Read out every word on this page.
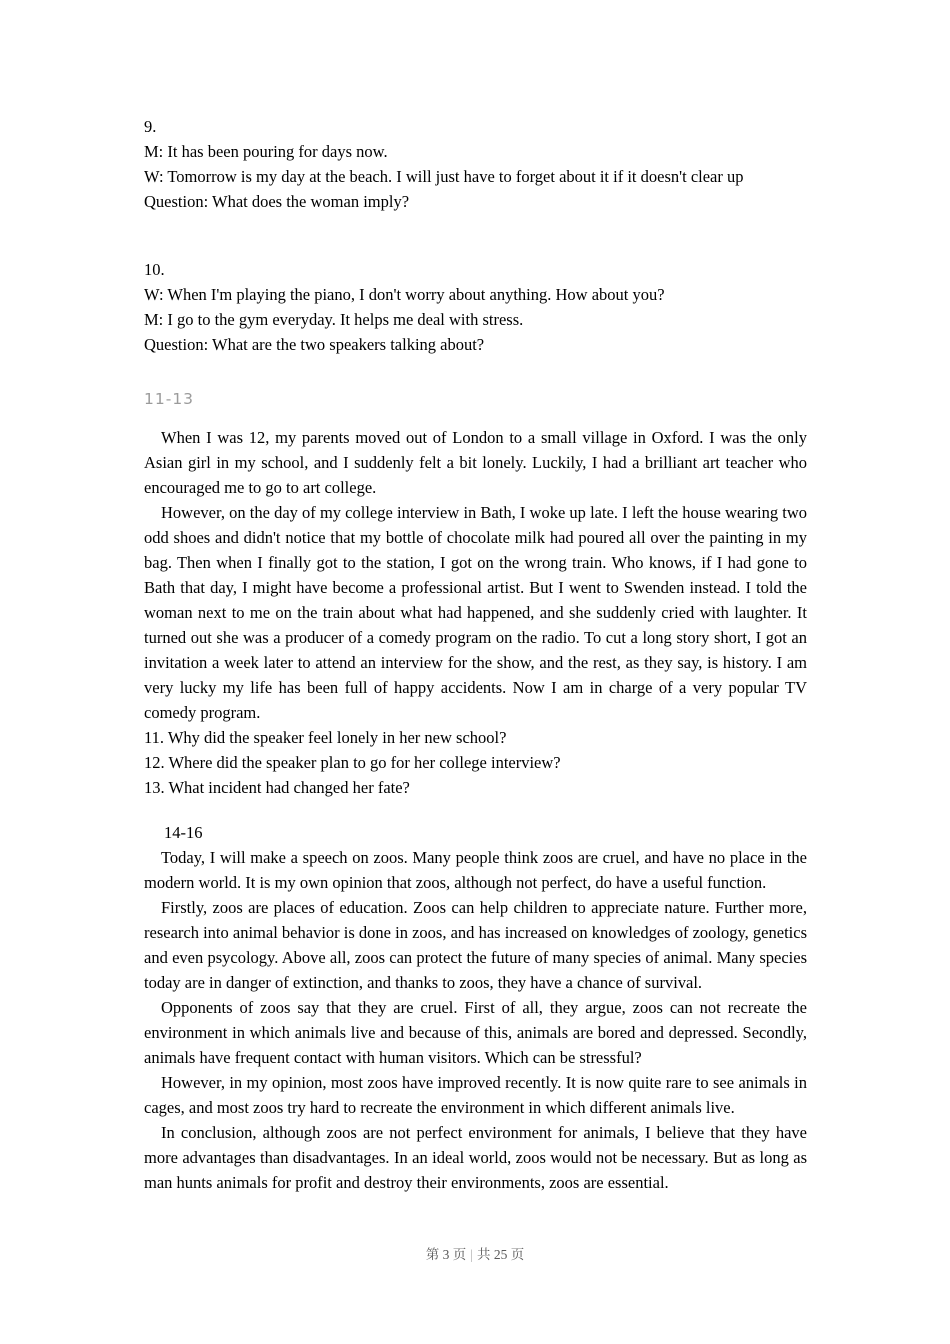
9.

M: It has been pouring for days now.

W: Tomorrow is my day at the beach. I will just have to forget about it if it doesn't clear up

Question: What does the woman imply?

10.

W: When I'm playing the piano, I don't worry about anything. How about you?

M: I go to the gym everyday. It helps me deal with stress.

Question: What are the two speakers talking about?

11-13

When I was 12, my parents moved out of London to a small village in Oxford. I was the only Asian girl in my school, and I suddenly felt a bit lonely. Luckily, I had a brilliant art teacher who encouraged me to go to art college.

However, on the day of my college interview in Bath, I woke up late. I left the house wearing two odd shoes and didn't notice that my bottle of chocolate milk had poured all over the painting in my bag. Then when I finally got to the station, I got on the wrong train. Who knows, if I had gone to Bath that day, I might have become a professional artist. But I went to Swenden instead. I told the woman next to me on the train about what had happened, and she suddenly cried with laughter. It turned out she was a producer of a comedy program on the radio. To cut a long story short, I got an invitation a week later to attend an interview for the show, and the rest, as they say, is history. I am very lucky my life has been full of happy accidents. Now I am in charge of a very popular TV comedy program.

11. Why did the speaker feel lonely in her new school?

12. Where did the speaker plan to go for her college interview?

13. What incident had changed her fate?

14-16

Today, I will make a speech on zoos. Many people think zoos are cruel, and have no place in the modern world. It is my own opinion that zoos, although not perfect, do have a useful function.

Firstly, zoos are places of education. Zoos can help children to appreciate nature. Further more, research into animal behavior is done in zoos, and has increased on knowledges of zoology, genetics and even psycology. Above all, zoos can protect the future of many species of animal. Many species today are in danger of extinction, and thanks to zoos, they have a chance of survival.

Opponents of zoos say that they are cruel. First of all, they argue, zoos can not recreate the environment in which animals live and because of this, animals are bored and depressed. Secondly, animals have frequent contact with human visitors. Which can be stressful?

However, in my opinion, most zoos have improved recently. It is now quite rare to see animals in cages, and most zoos try hard to recreate the environment in which different animals live.

In conclusion, although zoos are not perfect environment for animals, I believe that they have more advantages than disadvantages. In an ideal world, zoos would not be necessary. But as long as man hunts animals for profit and destroy their environments, zoos are essential.

第 3 页 | 共 25 页
